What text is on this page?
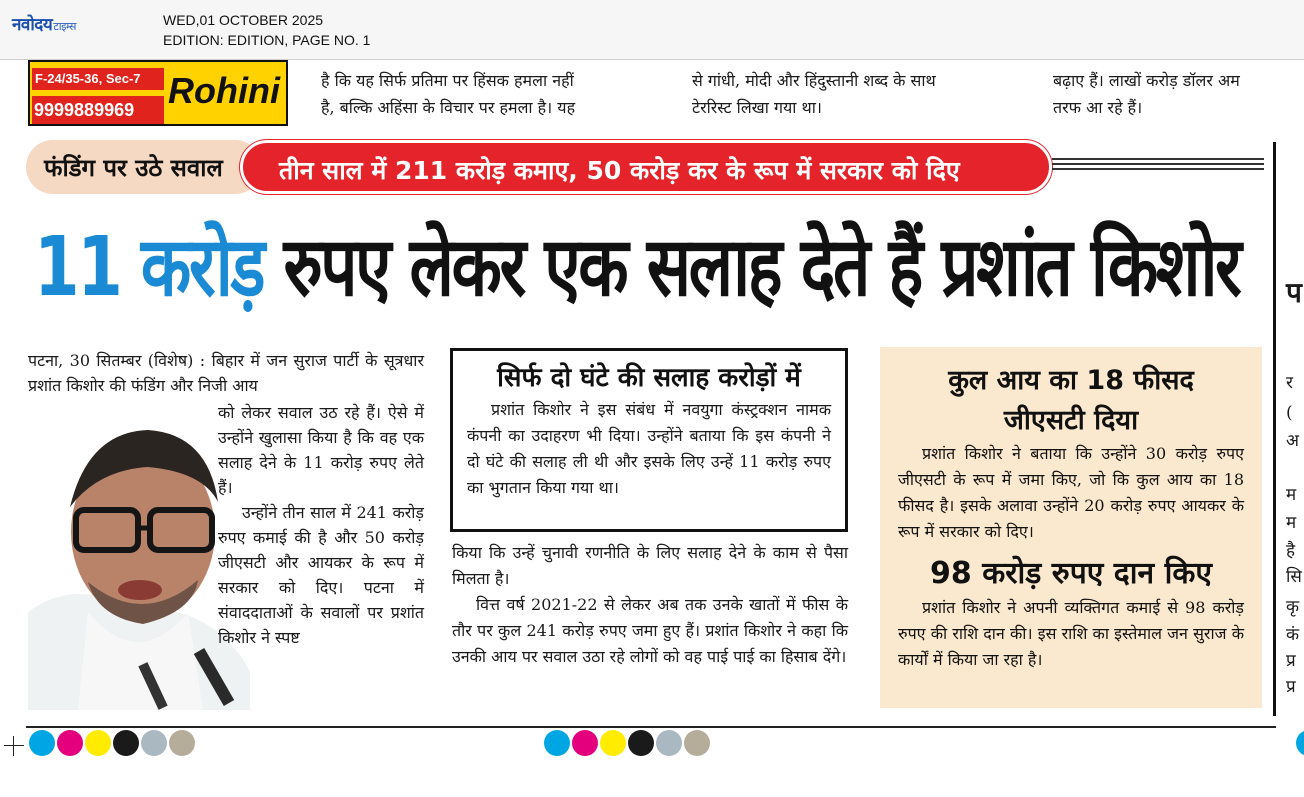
नवोदयटाइम्स	WED,01 OCTOBER 2025
EDITION: EDITION, PAGE NO. 1
F-24/35-36, Sec-7
9999889969 Rohini	है कि यह सिर्फ प्रतिमा पर हिंसक हमला नहीं
है, बल्कि अहिंसा के विचार पर हमला है। यह
से गांधी, मोदी और हिंदुस्तानी शब्द के साथ
टेररिस्ट लिखा गया था।
बढ़ाए हैं। लाखों करोड़ डॉलर अम
तरफ आ रहे हैं।
फंडिंग पर उठे सवाल तीन साल में 211 करोड़ कमाए, 50 करोड़ कर के रूप में सरकार को दिए
11 करोड़ रुपए लेकर एक सलाह देते हैं प्रशांत किशोर
पटना, 30 सितम्बर (विशेष) : बिहार में जन सुराज पार्टी के सूत्रधार प्रशांत किशोर की फंडिंग और निजी आय

को लेकर सवाल उठ रहे हैं। ऐसे में उन्होंने खुलासा किया है कि वह एक सलाह देने के 11 करोड़ रुपए लेते हैं।

उन्होंने तीन साल में 241 करोड़ रुपए कमाई की है और 50 करोड़ जीएसटी और आयकर के रूप में सरकार को दिए। पटना में संवाददाताओं के सवालों पर प्रशांत किशोर ने स्पष्ट

सिर्फ दो घंटे की सलाह करोड़ों में

प्रशांत किशोर ने इस संबंध में नवयुगा कंस्ट्रक्शन नामक कंपनी का उदाहरण भी दिया। उन्होंने बताया कि इस कंपनी ने दो घंटे की सलाह ली थी और इसके लिए उन्हें 11 करोड़ रुपए का भुगतान किया गया था।

किया कि उन्हें चुनावी रणनीति के लिए सलाह देने के काम से पैसा मिलता है।

वित्त वर्ष 2021-22 से लेकर अब तक उनके खातों में फीस के तौर पर कुल 241 करोड़ रुपए जमा हुए हैं। प्रशांत किशोर ने कहा कि उनकी आय पर सवाल उठा रहे लोगों को वह पाई पाई का हिसाब देंगे।

कुल आय का 18 फीसद
जीएसटी दिया

प्रशांत किशोर ने बताया कि उन्होंने 30 करोड़ रुपए जीएसटी के रूप में जमा किए, जो कि कुल आय का 18 फीसद है। इसके अलावा उन्होंने 20 करोड़ रुपए आयकर के रूप में सरकार को दिए।

98 करोड़ रुपए दान किए

प्रशांत किशोर ने अपनी व्यक्तिगत कमाई से 98 करोड़ रुपए की राशि दान की। इस राशि का इस्तेमाल जन सुराज के कार्यों में किया जा रहा है।

प
र
(
अ
म
म
है
सि
कृ
कं
प्र
प्र
